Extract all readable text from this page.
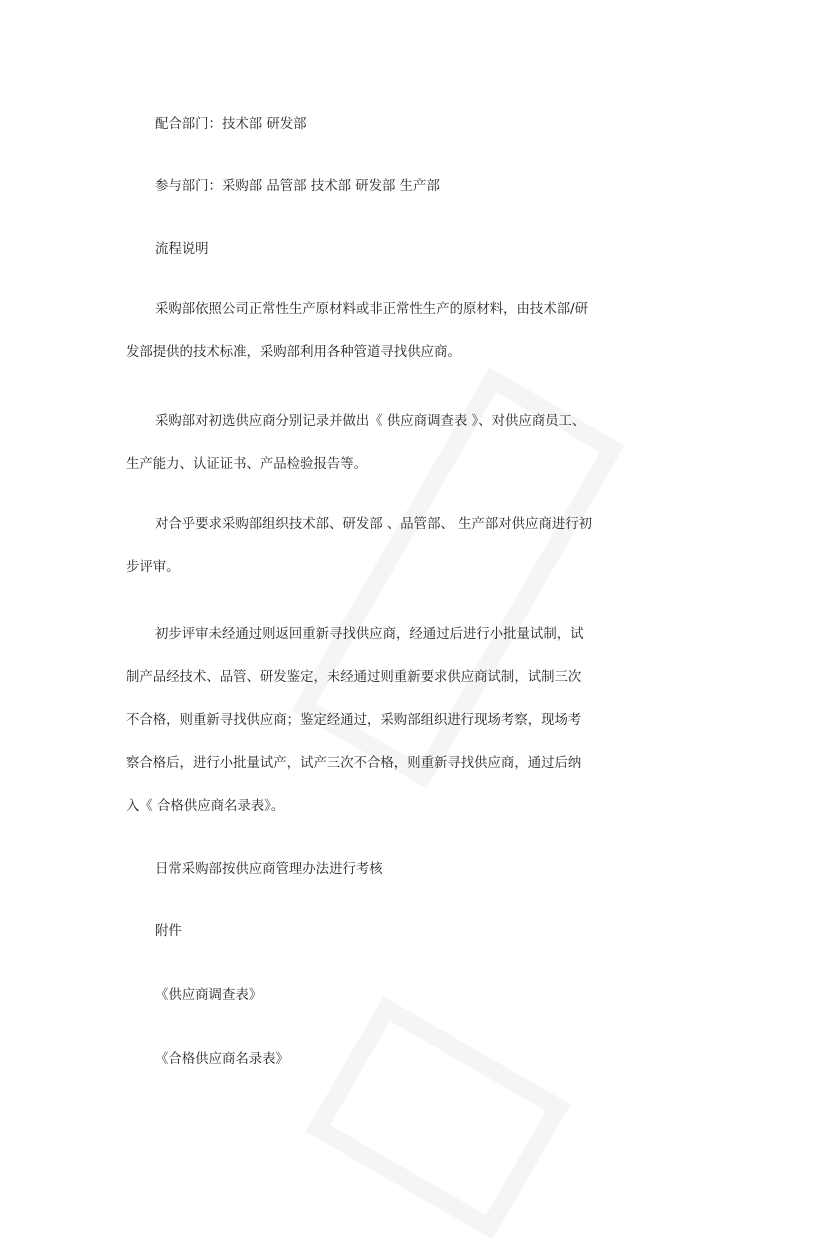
配合部门：技术部 研发部
参与部门：采购部 品管部 技术部 研发部 生产部
流程说明
采购部依照公司正常性生产原材料或非正常性生产的原材料，由技术部/研发部提供的技术标准，采购部利用各种管道寻找供应商。
采购部对初选供应商分别记录并做出《 供应商调查表 》、对供应商员工、生产能力、认证证书、产品检验报告等。
对合乎要求采购部组织技术部、研发部 、品管部、 生产部对供应商进行初步评审。
初步评审未经通过则返回重新寻找供应商，经通过后进行小批量试制，试制产品经技术、品管、研发鉴定，未经通过则重新要求供应商试制，试制三次不合格，则重新寻找供应商；鉴定经通过，采购部组织进行现场考察，现场考察合格后，进行小批量试产，试产三次不合格，则重新寻找供应商，通过后纳入《 合格供应商名录表》。
日常采购部按供应商管理办法进行考核
附件
《供应商调查表》
《合格供应商名录表》
